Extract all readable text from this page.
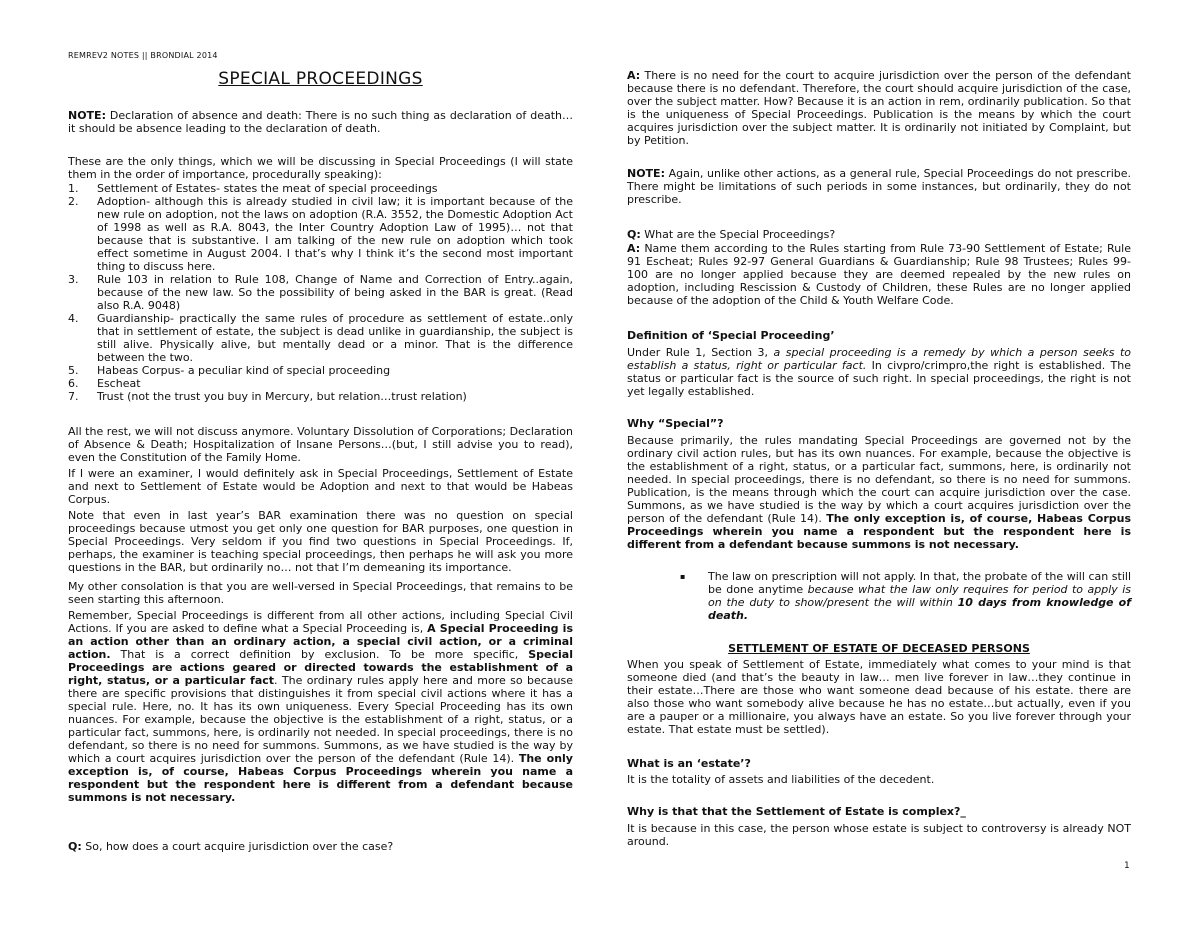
REMREV2 NOTES || BRONDIAL 2014
SPECIAL PROCEEDINGS

NOTE: Declaration of absence and death: There is no such thing as declaration of death… it should be absence leading to the declaration of death.

These are the only things, which we will be discussing in Special Proceedings (I will state them in the order of importance, procedurally speaking):

1. Settlement of Estates- states the meat of special proceedings
2. Adoption- although this is already studied in civil law; it is important because of the new rule on adoption, not the laws on adoption (R.A. 3552, the Domestic Adoption Act of 1998 as well as R.A. 8043, the Inter Country Adoption Law of 1995)… not that because that is substantive. I am talking of the new rule on adoption which took effect sometime in August 2004. I that’s why I think it’s the second most important thing to discuss here.
3. Rule 103 in relation to Rule 108, Change of Name and Correction of Entry..again, because of the new law. So the possibility of being asked in the BAR is great. (Read also R.A. 9048)
4. Guardianship- practically the same rules of procedure as settlement of estate..only that in settlement of estate, the subject is dead unlike in guardianship, the subject is still alive. Physically alive, but mentally dead or a minor. That is the difference between the two.
5. Habeas Corpus- a peculiar kind of special proceeding
6. Escheat
7. Trust (not the trust you buy in Mercury, but relation…trust relation)

All the rest, we will not discuss anymore. Voluntary Dissolution of Corporations; Declaration of Absence & Death; Hospitalization of Insane Persons…(but, I still advise you to read), even the Constitution of the Family Home.

If I were an examiner, I would definitely ask in Special Proceedings, Settlement of Estate and next to Settlement of Estate would be Adoption and next to that would be Habeas Corpus.

Note that even in last year’s BAR examination there was no question on special proceedings because utmost you get only one question for BAR purposes, one question in Special Proceedings. Very seldom if you find two questions in Special Proceedings. If, perhaps, the examiner is teaching special proceedings, then perhaps he will ask you more questions in the BAR, but ordinarily no… not that I’m demeaning its importance.

My other consolation is that you are well-versed in Special Proceedings, that remains to be seen starting this afternoon.

Remember, Special Proceedings is different from all other actions, including Special Civil Actions. If you are asked to define what a Special Proceeding is, A Special Proceeding is an action other than an ordinary action, a special civil action, or a criminal action. That is a correct definition by exclusion. To be more specific, Special Proceedings are actions geared or directed towards the establishment of a right, status, or a particular fact. The ordinary rules apply here and more so because there are specific provisions that distinguishes it from special civil actions where it has a special rule. Here, no. It has its own uniqueness. Every Special Proceeding has its own nuances. For example, because the objective is the establishment of a right, status, or a particular fact, summons, here, is ordinarily not needed. In special proceedings, there is no defendant, so there is no need for summons. Summons, as we have studied is the way by which a court acquires jurisdiction over the person of the defendant (Rule 14). The only exception is, of course, Habeas Corpus Proceedings wherein you name a respondent but the respondent here is different from a defendant because summons is not necessary.

Q: So, how does a court acquire jurisdiction over the case?

A: There is no need for the court to acquire jurisdiction over the person of the defendant because there is no defendant. Therefore, the court should acquire jurisdiction of the case, over the subject matter. How? Because it is an action in rem, ordinarily publication. So that is the uniqueness of Special Proceedings. Publication is the means by which the court acquires jurisdiction over the subject matter. It is ordinarily not initiated by Complaint, but by Petition.

NOTE: Again, unlike other actions, as a general rule, Special Proceedings do not prescribe. There might be limitations of such periods in some instances, but ordinarily, they do not prescribe.

Q: What are the Special Proceedings?

A: Name them according to the Rules starting from Rule 73-90 Settlement of Estate; Rule 91 Escheat; Rules 92-97 General Guardians & Guardianship; Rule 98 Trustees; Rules 99-100 are no longer applied because they are deemed repealed by the new rules on adoption, including Rescission & Custody of Children, these Rules are no longer applied because of the adoption of the Child & Youth Welfare Code.

Definition of ‘Special Proceeding’

Under Rule 1, Section 3, a special proceeding is a remedy by which a person seeks to establish a status, right or particular fact. In civpro/crimpro,the right is established. The status or particular fact is the source of such right. In special proceedings, the right is not yet legally established.

Why “Special”?

Because primarily, the rules mandating Special Proceedings are governed not by the ordinary civil action rules, but has its own nuances. For example, because the objective is the establishment of a right, status, or a particular fact, summons, here, is ordinarily not needed. In special proceedings, there is no defendant, so there is no need for summons. Publication, is the means through which the court can acquire jurisdiction over the case. Summons, as we have studied is the way by which a court acquires jurisdiction over the person of the defendant (Rule 14). The only exception is, of course, Habeas Corpus Proceedings wherein you name a respondent but the respondent here is different from a defendant because summons is not necessary.

▪ The law on prescription will not apply. In that, the probate of the will can still be done anytime because what the law only requires for period to apply is on the duty to show/present the will within 10 days from knowledge of death.

SETTLEMENT OF ESTATE OF DECEASED PERSONS

When you speak of Settlement of Estate, immediately what comes to your mind is that someone died (and that’s the beauty in law… men live forever in law…they continue in their estate…There are those who want someone dead because of his estate. there are also those who want somebody alive because he has no estate…but actually, even if you are a pauper or a millionaire, you always have an estate. So you live forever through your estate. That estate must be settled).

What is an ‘estate’?

It is the totality of assets and liabilities of the decedent.

Why is that that the Settlement of Estate is complex?_

It is because in this case, the person whose estate is subject to controversy is already NOT around.

1
